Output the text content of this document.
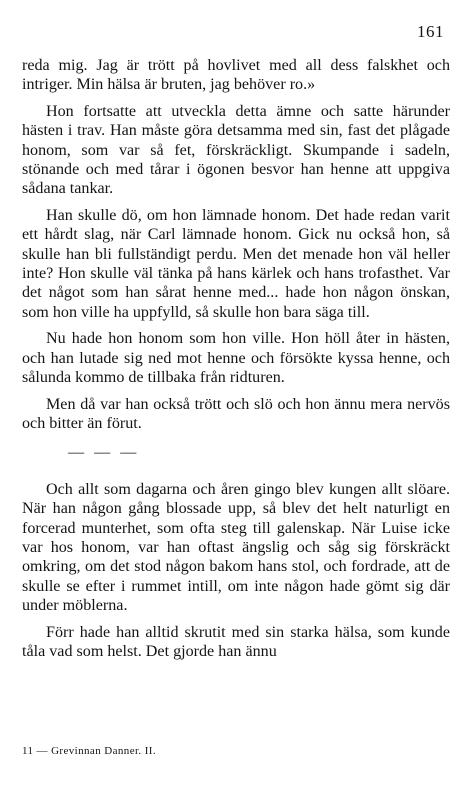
161

reda mig. Jag är trött på hovlivet med all dess falskhet och intriger. Min hälsa är bruten, jag behöver ro.»

Hon fortsatte att utveckla detta ämne och satte härunder hästen i trav. Han måste göra detsamma med sin, fast det plågade honom, som var så fet, förskräckligt. Skumpande i sadeln, stönande och med tårar i ögonen besvor han henne att uppgiva sådana tankar.

Han skulle dö, om hon lämnade honom. Det hade redan varit ett hårdt slag, när Carl lämnade honom. Gick nu också hon, så skulle han bli fullständigt perdu. Men det menade hon väl heller inte? Hon skulle väl tänka på hans kärlek och hans trofasthet. Var det något som han sårat henne med... hade hon någon önskan, som hon ville ha uppfylld, så skulle hon bara säga till.

Nu hade hon honom som hon ville. Hon höll åter in hästen, och han lutade sig ned mot henne och försökte kyssa henne, och sålunda kommo de tillbaka från ridturen.

Men då var han också trött och slö och hon ännu mera nervös och bitter än förut.

— — —

Och allt som dagarna och åren gingo blev kungen allt slöare. När han någon gång blossade upp, så blev det helt naturligt en forcerad munterhet, som ofta steg till galenskap. När Luise icke var hos honom, var han oftast ängslig och såg sig förskräckt omkring, om det stod någon bakom hans stol, och fordrade, att de skulle se efter i rummet intill, om inte någon hade gömt sig där under möblerna.

Förr hade han alltid skrutit med sin starka hälsa, som kunde tåla vad som helst. Det gjorde han ännu

11 — Grevinnan Danner. II.
